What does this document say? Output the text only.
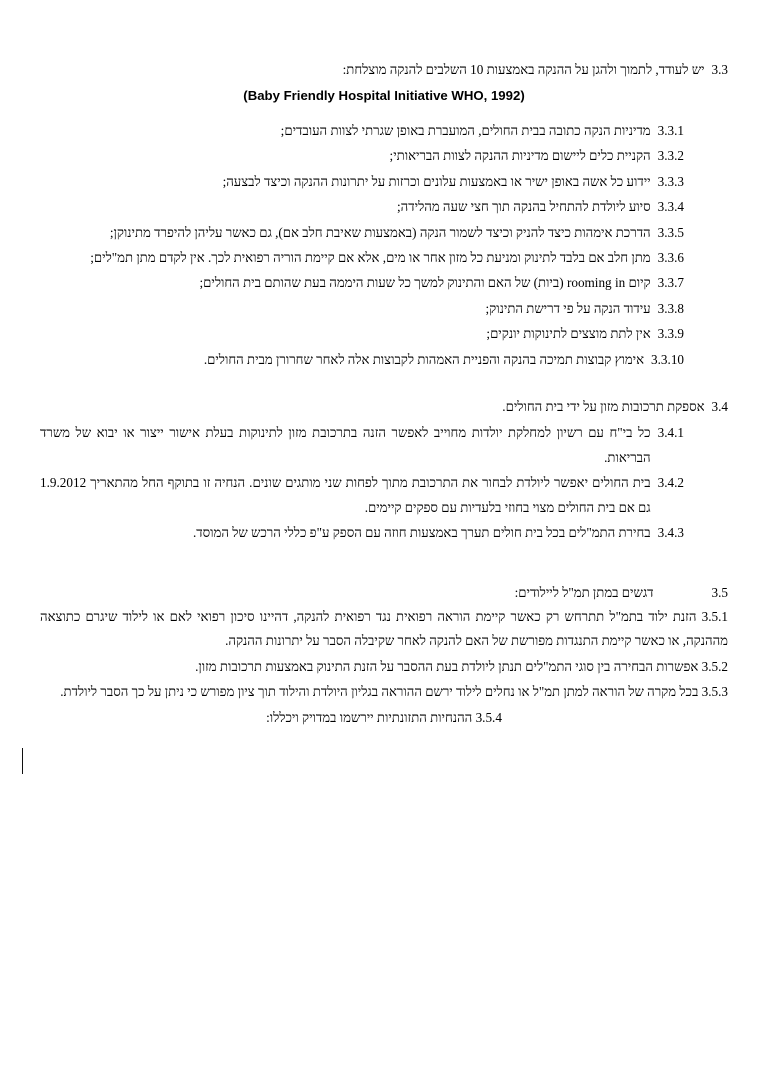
3.3
יש לעודד, לתמוך ולהגן על ההנקה באמצעות 10 השלבים להנקה מוצלחת:
(Baby Friendly Hospital Initiative WHO, 1992)
3.3.1
מדיניות הנקה כתובה בבית החולים, המועברת באופן שגרתי לצוות העובדים;
3.3.2
הקניית כלים ליישום מדיניות ההנקה לצוות הבריאותי;
3.3.3
יידוע כל אשה באופן ישיר או באמצעות עלונים וכרזות על יתרונות ההנקה וכיצד לבצעה;
3.3.4
סיוע ליולדת להתחיל בהנקה תוך חצי שעה מהלידה;
3.3.5
הדרכת אימהות כיצד להניק וכיצד לשמור הנקה (באמצעות שאיבת חלב אם), גם כאשר עליהן להיפרד מתינוקן;
3.3.6
מתן חלב אם בלבד לתינוק ומניעת כל מזון אחר או מים, אלא אם קיימת הוריה רפואית לכך. אין לקדם מתן תמ"לים;
3.3.7
קיום rooming in (ביות) של האם והתינוק למשך כל שעות היממה בעת שהותם בית החולים;
3.3.8
עידוד הנקה על פי דרישת התינוק;
3.3.9
אין לתת מוצצים לתינוקות יונקים;
3.3.10
אימוץ קבוצות תמיכה בהנקה והפניית האמהות לקבוצות אלה לאחר שחרורן מבית החולים.
3.4
אספקת תרכובות מזון על ידי בית החולים.
3.4.1
כל בי"ח עם רשיון למחלקת יולדות מחוייב לאפשר הזנה בתרכובת מזון לתינוקות בעלת אישור ייצור או יבוא של משרד הבריאות.
3.4.2
בית החולים יאפשר ליולדת לבחור את התרכובת מתוך לפחות שני מותגים שונים. הנחיה זו בתוקף החל מהתאריך 1.9.2012 גם אם בית החולים מצוי בחוזי בלעדיות עם ספקים קיימים.
3.4.3
בחירת התמ"לים בכל בית חולים תערך באמצעות חוזה עם הספק ע"פ כללי הרכש של המוסד.
3.5
דגשים במתן תמ"ל ליילודים:
3.5.1 הזנת ילוד בתמ"ל תתרחש רק כאשר קיימת הוראה רפואית נגד רפואית להנקה, דהיינו סיכון רפואי לאם או לילוד שיגרם כתוצאה מההנקה, או כאשר קיימת התנגדות מפורשת של האם להנקה לאחר שקיבלה הסבר על יתרונות ההנקה.
3.5.2 אפשרות הבחירה בין סוגי התמ"לים תנתן ליולדת בעת ההסבר על הזנת התינוק באמצעות תרכובות מזון.
3.5.3 בכל מקרה של הוראה למתן תמ"ל או נחלים לילוד ירשם ההוראה בגליון היולדת והילוד תוך ציון מפורש כי ניתן על כך הסבר ליולדת.
3.5.4 ההנחיות התזונתיות יירשמו במדויק ויכללו:
